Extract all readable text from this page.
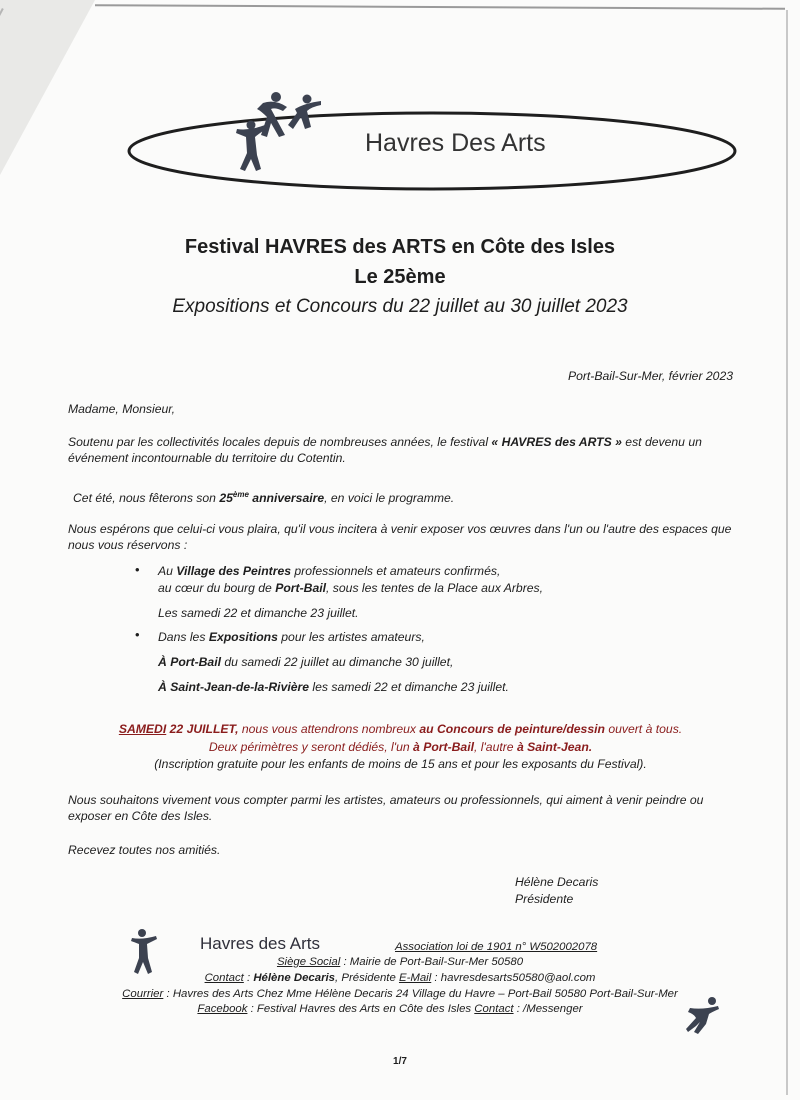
Havres Des Arts
Festival HAVRES des ARTS en Côte des Isles
Le 25ème
Expositions et Concours du 22 juillet au 30 juillet 2023
Port-Bail-Sur-Mer, février 2023
Madame, Monsieur,
Soutenu par les collectivités locales depuis de nombreuses années, le festival « HAVRES des ARTS » est devenu un événement incontournable du territoire du Cotentin.
Cet été, nous fêterons son 25ème anniversaire, en voici le programme.
Nous espérons que celui-ci vous plaira, qu'il vous incitera à venir exposer vos œuvres dans l'un ou l'autre des espaces que nous vous réservons :
• Au Village des Peintres professionnels et amateurs confirmés,
au cœur du bourg de Port-Bail, sous les tentes de la Place aux Arbres,
Les samedi 22 et dimanche 23 juillet.
• Dans les Expositions pour les artistes amateurs,
À Port-Bail du samedi 22 juillet au dimanche 30 juillet,
À Saint-Jean-de-la-Rivière les samedi 22 et dimanche 23 juillet.
SAMEDI 22 JUILLET, nous vous attendrons nombreux au Concours de peinture/dessin ouvert à tous.
Deux périmètres y seront dédiés, l'un à Port-Bail, l'autre à Saint-Jean.
(Inscription gratuite pour les enfants de moins de 15 ans et pour les exposants du Festival).
Nous souhaitons vivement vous compter parmi les artistes, amateurs ou professionnels, qui aiment à venir peindre ou exposer en Côte des Isles.
Recevez toutes nos amitiés.
Hélène Decaris
Présidente
Havres des Arts	Association loi de 1901 n° W502002078
Siège Social : Mairie de Port-Bail-Sur-Mer 50580
Contact : Hélène Decaris, Présidente E-Mail : havresdesarts50580@aol.com
Courrier : Havres des Arts Chez Mme Hélène Decaris 24 Village du Havre – Port-Bail 50580 Port-Bail-Sur-Mer
Facebook : Festival Havres des Arts en Côte des Isles Contact : /Messenger
1/7
